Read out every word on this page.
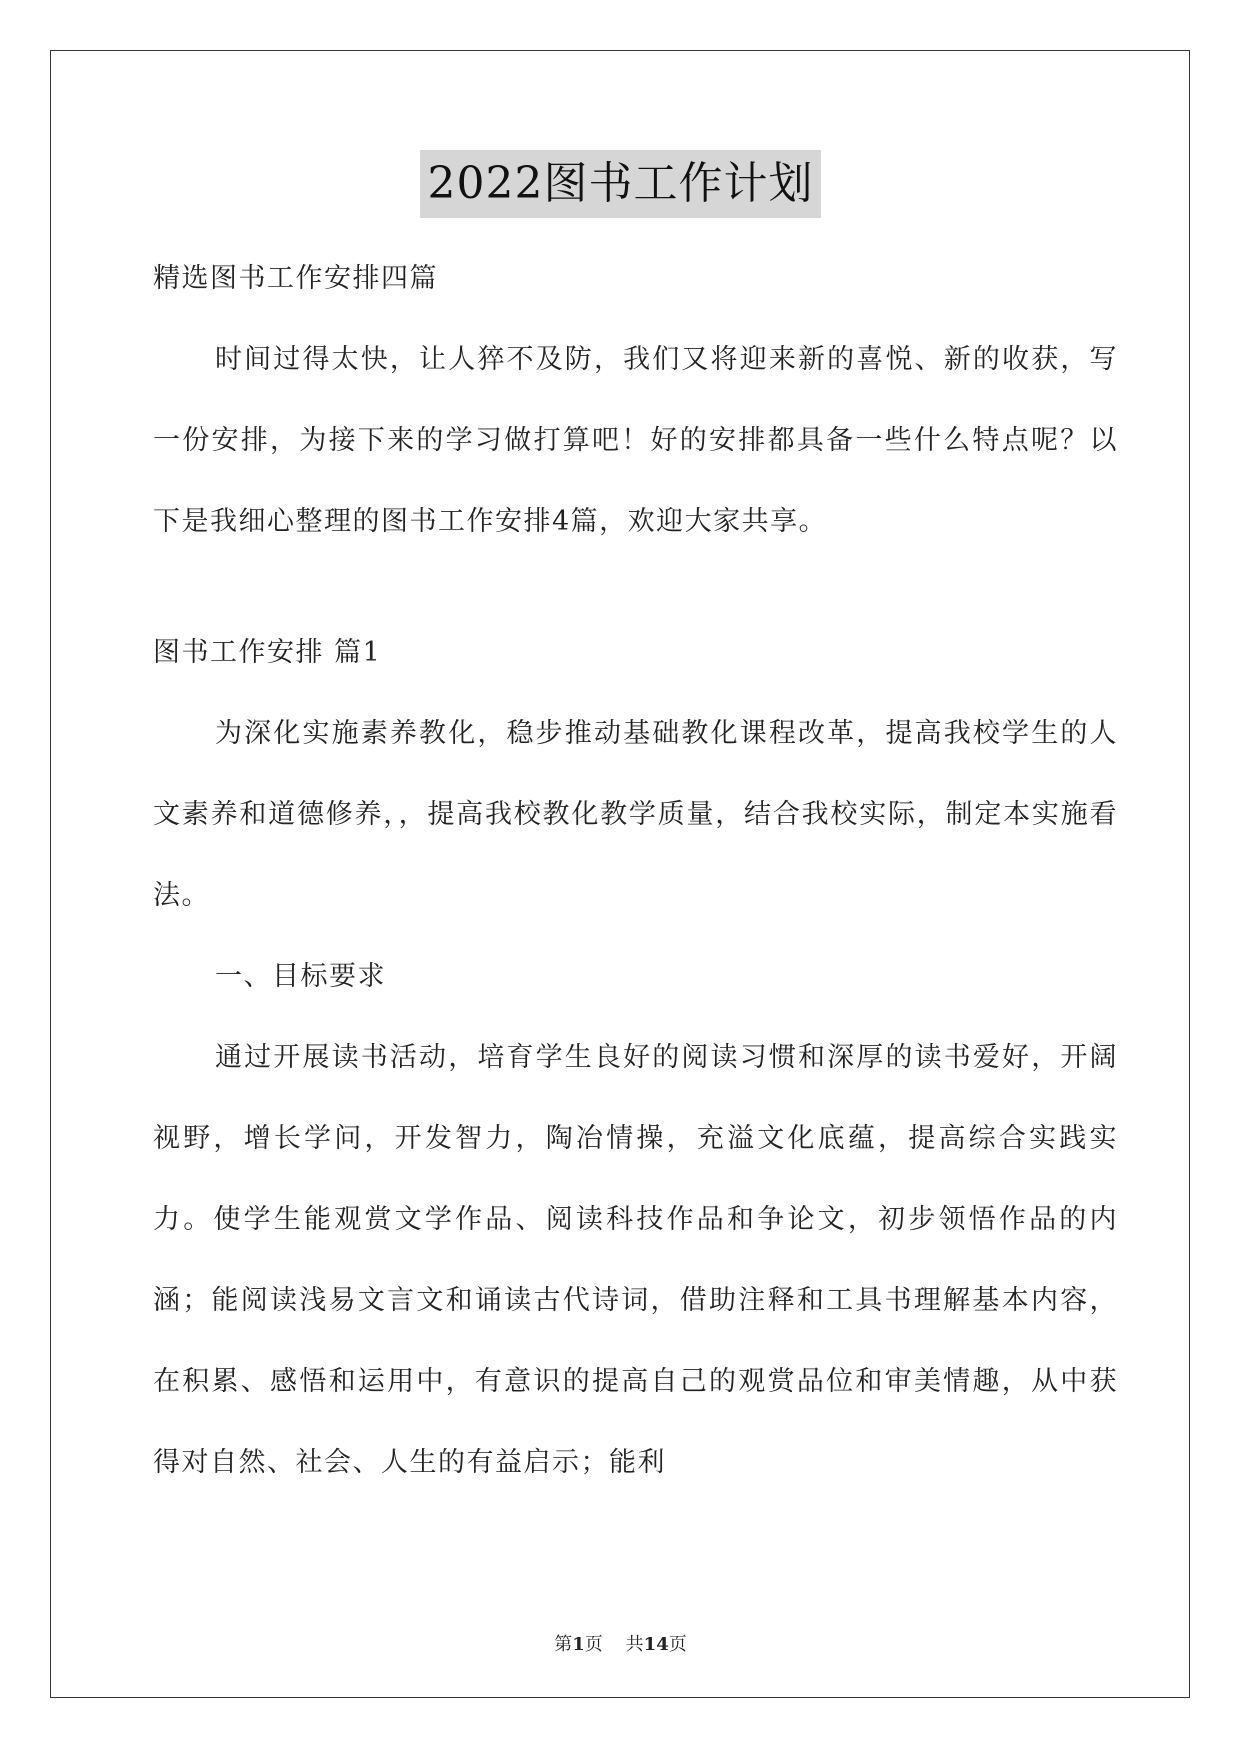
2022图书工作计划

精选图书工作安排四篇

时间过得太快，让人猝不及防，我们又将迎来新的喜悦、新的收获，写一份安排，为接下来的学习做打算吧！好的安排都具备一些什么特点呢？以下是我细心整理的图书工作安排4篇，欢迎大家共享。

图书工作安排 篇1

为深化实施素养教化，稳步推动基础教化课程改革，提高我校学生的人文素养和道德修养，，提高我校教化教学质量，结合我校实际，制定本实施看法。

一、目标要求

通过开展读书活动，培育学生良好的阅读习惯和深厚的读书爱好，开阔视野，增长学问，开发智力，陶冶情操，充溢文化底蕴，提高综合实践实力。使学生能观赏文学作品、阅读科技作品和争论文，初步领悟作品的内涵；能阅读浅易文言文和诵读古代诗词，借助注释和工具书理解基本内容，在积累、感悟和运用中，有意识的提高自己的观赏品位和审美情趣，从中获得对自然、社会、人生的有益启示；能利

第1页 共14页
